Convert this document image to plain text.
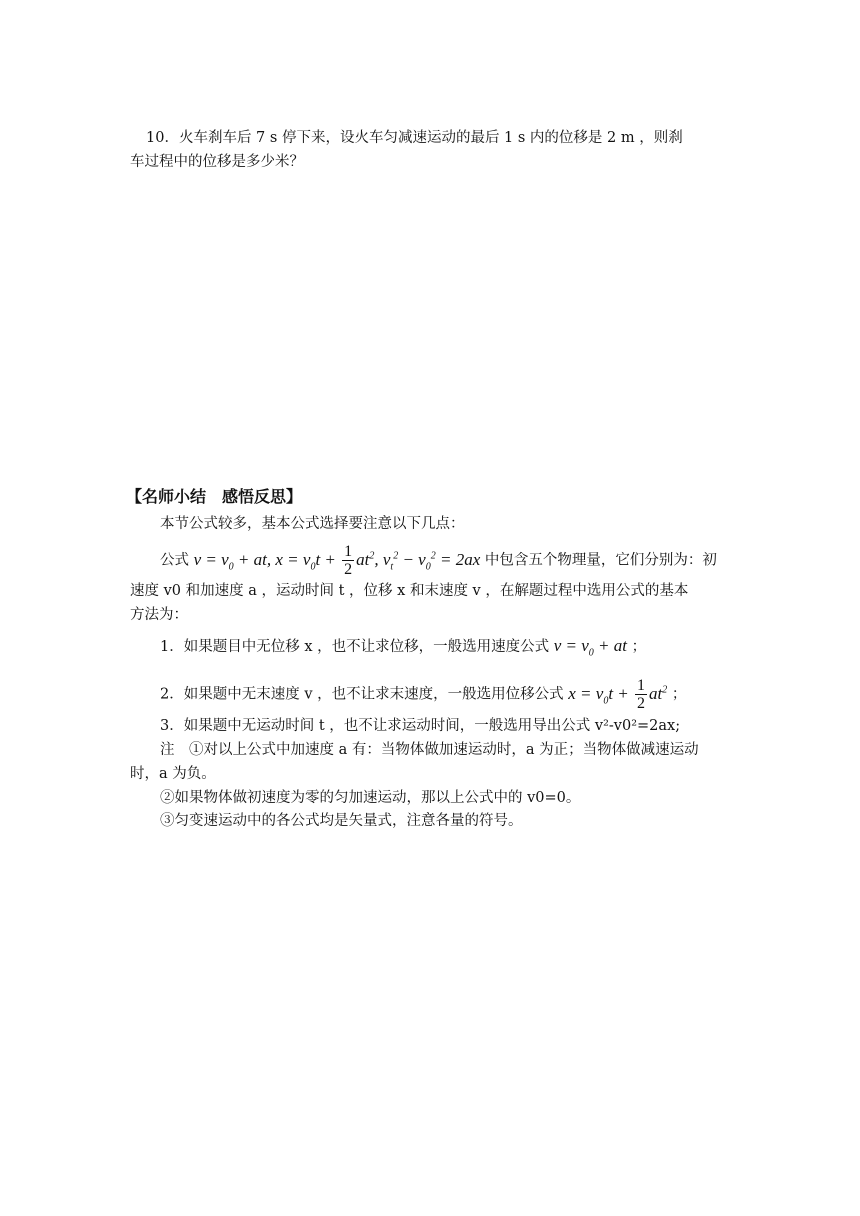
10．火车刹车后 7 s 停下来，设火车匀减速运动的最后 1 s 内的位移是 2 m ，则刹
车过程中的位移是多少米？
【名师小结　感悟反思】
本节公式较多，基本公式选择要注意以下几点：
公式 $v = v_0$ + at, $x = v_0t + \frac{1}{2} at^2$, $v_t^2 - v_0^2 = 2ax$ 中包含五个物理量，它们分别为：初
速度 v0 和加速度 a ，运动时间 t ，位移 x 和末速度 v ，在解题过程中选用公式的基本
方法为：
1．如果题目中无位移 x ，也不让求位移，一般选用速度公式 $v = v_0$ + at ；
2．如果题中无末速度 v ，也不让求末速度，一般选用位移公式 $x = v_0t + \frac{1}{2} at^2$ ；
3．如果题中无运动时间 t ，也不让求运动时间，一般选用导出公式 v²-v0²=2ax;
注　①对以上公式中加速度 a 有：当物体做加速运动时，a 为正；当物体做减速运动
时，a 为负。
②如果物体做初速度为零的匀加速运动，那以上公式中的 v0=0。
③匀变速运动中的各公式均是矢量式，注意各量的符号。
